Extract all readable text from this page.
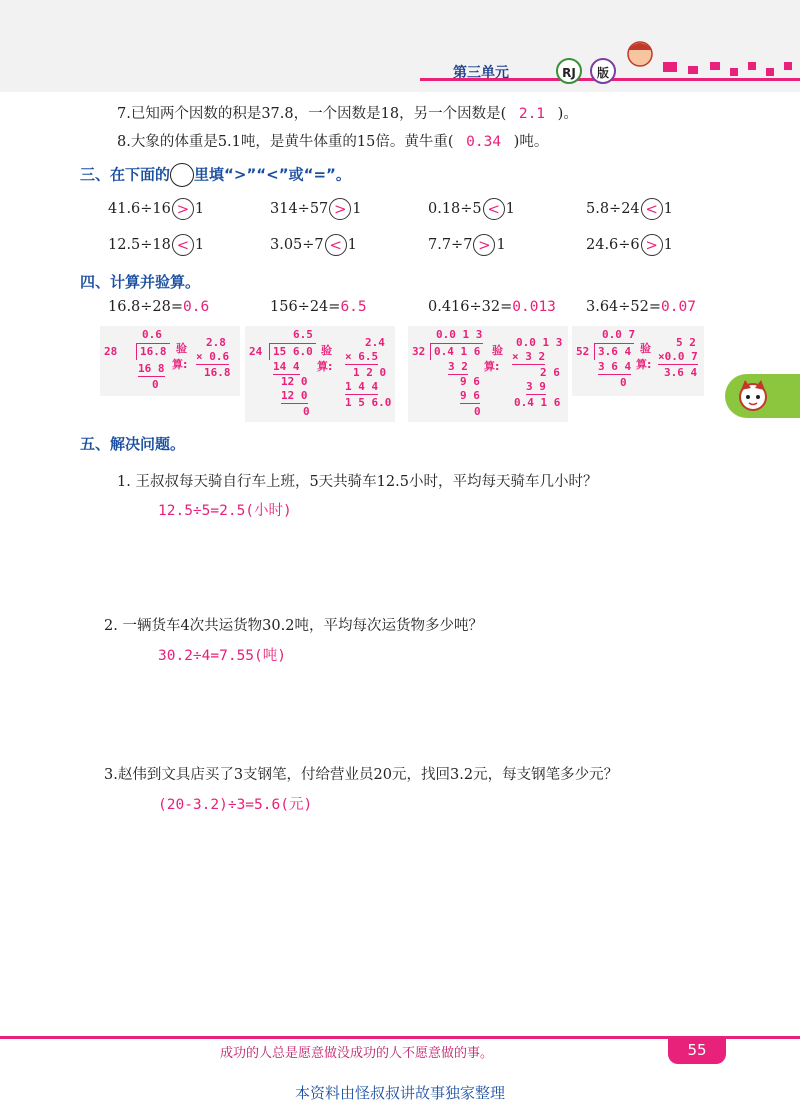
第三单元	RJ	版
7.已知两个因数的积是37.8，一个因数是18，另一个因数是( 2.1 )。
8.大象的体重是5.1吨，是黄牛体重的15倍。黄牛重( 0.34 )吨。
三、在下面的 里填“>”“<”或“=”。
41.6÷16 > 1	314÷57 > 1	0.18÷5 < 1	5.8÷24 < 1
12.5÷18 < 1	3.05÷7 < 1	7.7÷7 > 1	24.6÷6 > 1
四、计算并验算。
16.8÷28=0.6	156÷24=6.5	0.416÷32=0.013 3.64÷52=0.07
0.6
28	16.8
16 8
0
验
算:
2.8
× 0.6
16.8
6.5
24 15 6.0
14 4
12 0
12 0
0
验
算:
2.4
× 6.5
1 2 0
1 4 4
1 5 6.0
0.0 1 3
32 0.4 1 6
3 2
9 6
9 6
0
验
算:
0.0 1 3
× 3 2
2 6
3 9
0.4 1 6
0.0 7
52 3.6 4
3 6 4
0
验
算:
5 2
×0.0 7
3.6 4
五、解决问题。
1. 王叔叔每天骑自行车上班，5天共骑车12.5小时，平均每天骑车几小时？
12.5÷5=2.5(小时)
2. 一辆货车4次共运货物30.2吨，平均每次运货物多少吨？
30.2÷4=7.55(吨)
3.赵伟到文具店买了3支钢笔，付给营业员20元，找回3.2元，每支钢笔多少元？
(20-3.2)÷3=5.6(元)
成功的人总是愿意做没成功的人不愿意做的事。	55
本资料由怪叔叔讲故事独家整理
